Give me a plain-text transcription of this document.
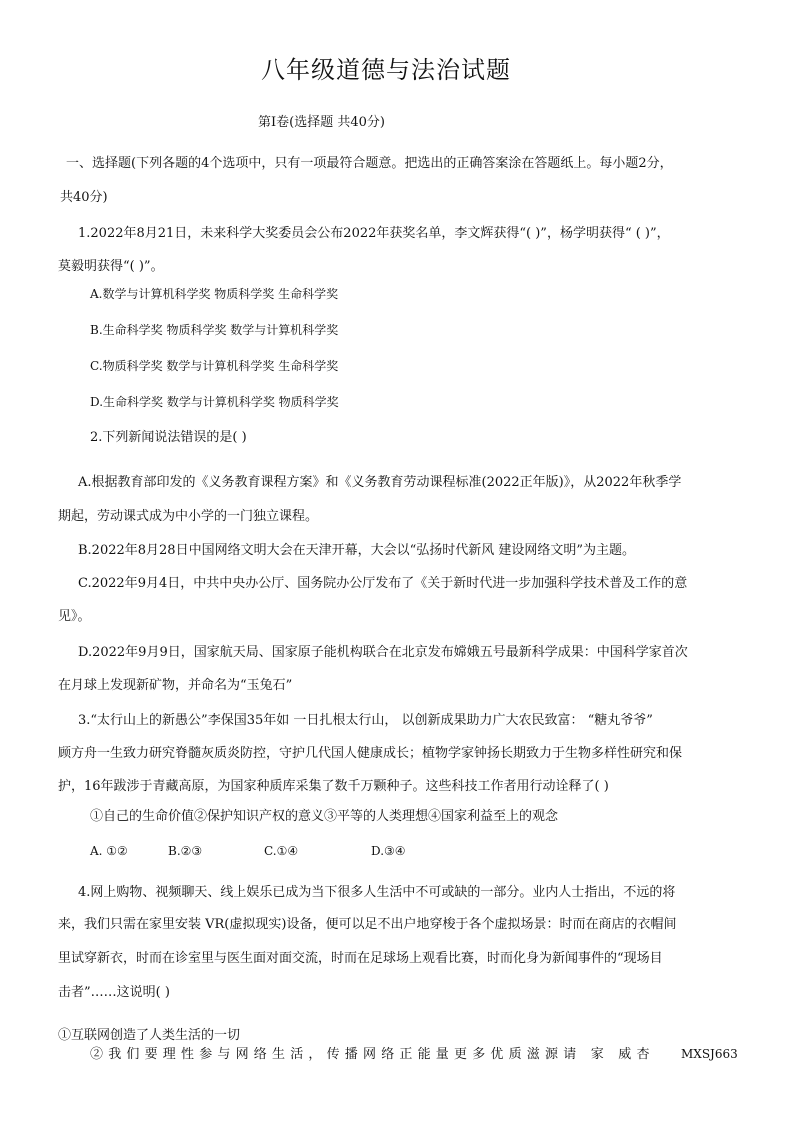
八年级道德与法治试题
第Ⅰ卷(选择题 共40分)
一、选择题(下列各题的4个选项中，只有一项最符合题意。把选出的正确答案涂在答题纸上。每小题2分，
共40分)
1.2022年8月21日，未来科学大奖委员会公布2022年获奖名单，李文辉获得“( )”，杨学明获得“ ( )”，
莫毅明获得“( )”。
A.数学与计算机科学奖 物质科学奖 生命科学奖
B.生命科学奖 物质科学奖 数学与计算机科学奖
C.物质科学奖 数学与计算机科学奖 生命科学奖
D.生命科学奖 数学与计算机科学奖 物质科学奖
2.下列新闻说法错误的是( )
A.根据教育部印发的《义务教育课程方案》和《义务教育劳动课程标准(2022正年版)》，从2022年秋季学
期起，劳动课式成为中小学的一门独立课程。
B.2022年8月28日中国网络文明大会在天津开幕，大会以“弘扬时代新风 建设网络文明”为主题。
C.2022年9月4日，中共中央办公厅、国务院办公厅发布了《关于新时代进一步加强科学技术普及工作的意
见》。
D.2022年9月9日，国家航天局、国家原子能机构联合在北京发布嫦娥五号最新科学成果：中国科学家首次
在月球上发现新矿物，并命名为“玉兔石”
3.“太行山上的新愚公”李保国35年如 一日扎根太行山， 以创新成果助力广大农民致富： “糖丸爷爷”
顾方舟一生致力研究脊髓灰质炎防控，守护几代国人健康成长；植物学家钟扬长期致力于生物多样性研究和保
护，16年跋涉于青藏高原，为国家种质库采集了数千万颗种子。这些科技工作者用行动诠释了( )
①自己的生命价值②保护知识产权的意义③平等的人类理想④国家利益至上的观念
A. ①②	B.②③	C.①④	D.③④
4.网上购物、视频聊天、线上娱乐已成为当下很多人生活中不可或缺的一部分。业内人士指出，不远的将
来，我们只需在家里安装 VR(虚拟现实)设备，便可以足不出户地穿梭于各个虚拟场景：时而在商店的衣帽间
里试穿新衣，时而在诊室里与医生面对面交流，时而在足球场上观看比赛，时而化身为新闻事件的“现场目
击者”……这说明( )
①互联网创造了人类生活的一切
②我们要理性参与网络生活，传播网络正能量更多优质滋源请 家 威杏 MXSJ663
